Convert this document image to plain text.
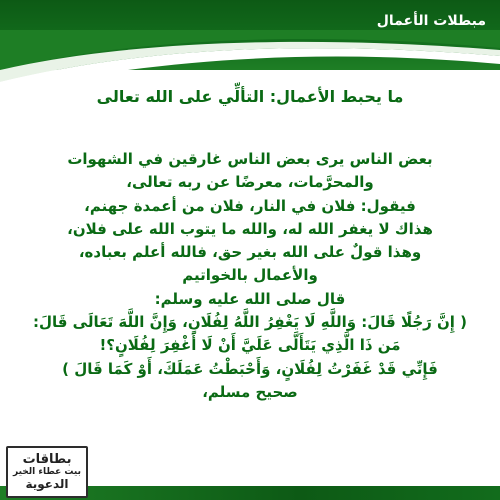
مبطلات الأعمال
ما يحبط الأعمال: التألِّي على الله تعالى
بعض الناس يرى بعض الناس غارقين في الشهوات
والمحرَّمات، معرضًا عن ربه تعالى،
فيقول: فلان في النار، فلان من أعمدة جهنم،
هذاك لا يغفر الله له، والله ما يتوب الله على فلان،
وهذا قولٌ على الله بغير حق، فالله أعلم بعباده،
والأعمال بالخواتيم
قال صلى الله عليه وسلم:
( إِنَّ رَجُلًا قَالَ: وَاللَّهِ لَا يَغْفِرُ اللَّهُ لِفُلَانٍ، وَإِنَّ اللَّهَ تَعَالَى قَالَ:
مَن ذَا الَّذِي يَتَأَلَّى عَلَيَّ أَنْ لَا أَغْفِرَ لِفُلَانٍ؟!
فَإِنِّي قَدْ غَفَرْتُ لِفُلَانٍ، وَأَحْبَطْتُ عَمَلَكَ، أَوْ كَمَا قَالَ )
صحيح مسلم،
بطاقات
بيت عطاء الخير
الدعوية
